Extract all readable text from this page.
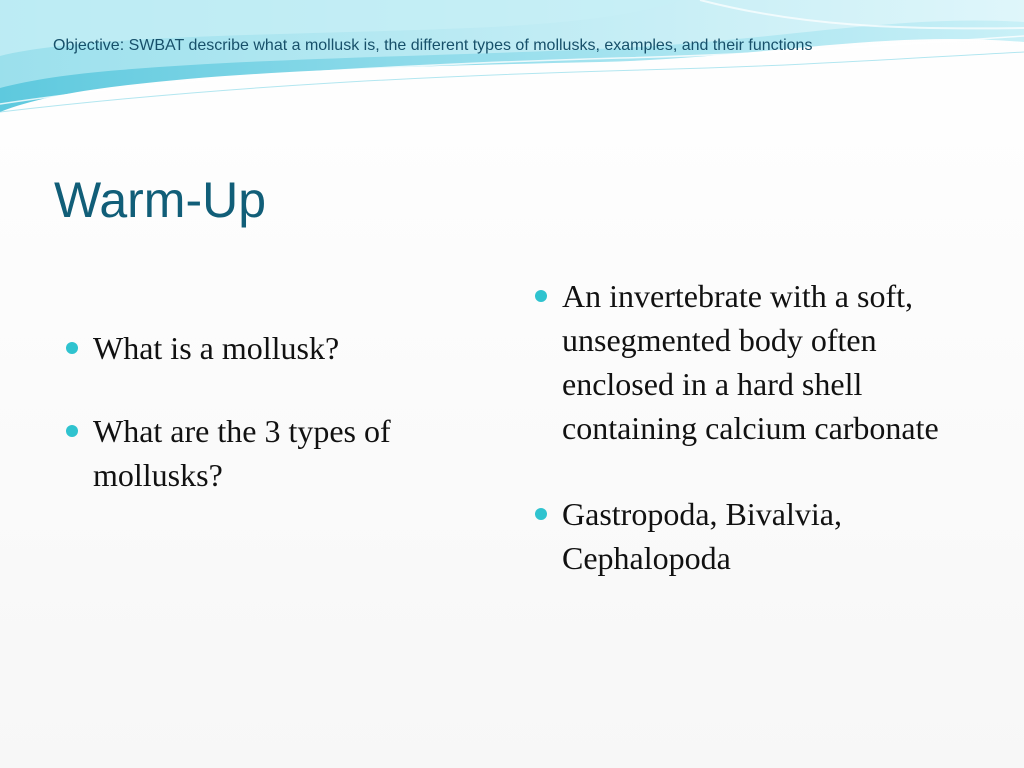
Objective: SWBAT describe what a mollusk is, the different types of mollusks, examples, and their functions

Warm-Up
What is a mollusk?
What are the 3 types of mollusks?
An invertebrate with a soft, unsegmented body often enclosed in a hard shell containing calcium carbonate
Gastropoda, Bivalvia, Cephalopoda
